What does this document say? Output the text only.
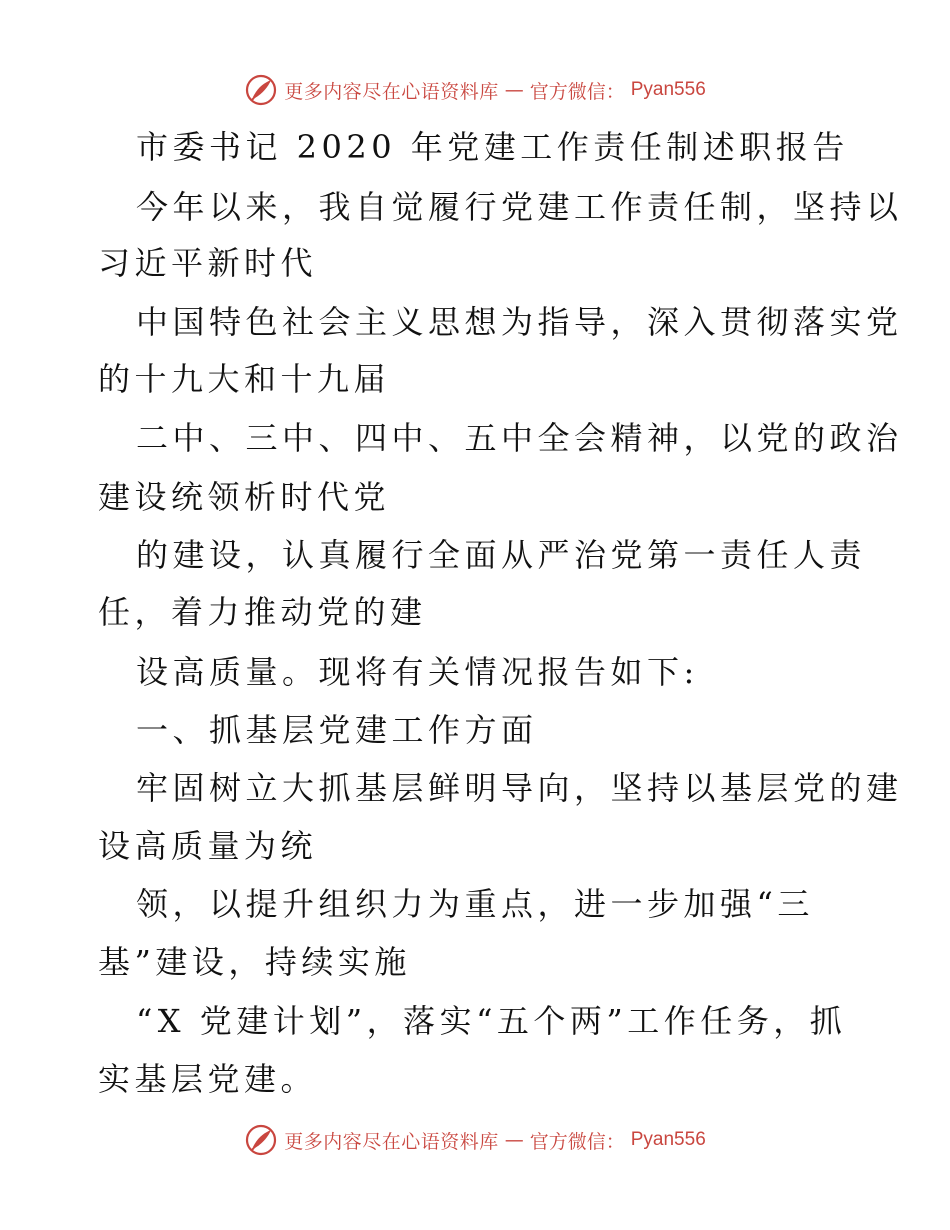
更多内容尽在心语资料库 — 官方微信： Pyan556
市委书记 2020 年党建工作责任制述职报告
今年以来，我自觉履行党建工作责任制，坚持以
习近平新时代
中国特色社会主义思想为指导，深入贯彻落实党
的十九大和十九届
二中、三中、四中、五中全会精神，以党的政治
建设统领析时代党
的建设，认真履行全面从严治党第一责任人责
任，着力推动党的建
设高质量。现将有关情况报告如下:
一、抓基层党建工作方面
牢固树立大抓基层鲜明导向，坚持以基层党的建
设高质量为统
领，以提升组织力为重点，进一步加强“三
基”建设，持续实施
“X 党建计划”，落实“五个两”工作任务，抓
实基层党建。
更多内容尽在心语资料库 — 官方微信： Pyan556
